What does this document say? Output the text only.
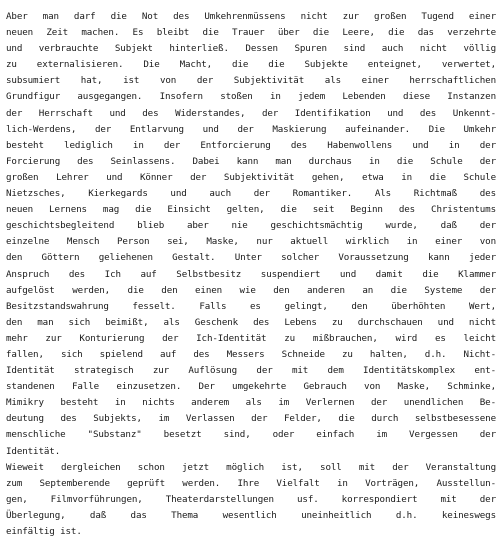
Aber man darf die Not des Umkehrenmüssens nicht zur großen Tugend einer
neuen Zeit machen. Es bleibt die Trauer über die Leere, die das verzehrte
und verbrauchte Subjekt hinterließ. Dessen Spuren sind auch nicht völlig
zu externalisieren. Die Macht, die die Subjekte enteignet, verwertet,
subsumiert hat, ist von der Subjektivität als einer herrschaftlichen
Grundfigur ausgegangen. Insofern stoßen in jedem Lebenden diese Instanzen
der Herrschaft und des Widerstandes, der Identifikation und des Unkennt-
lich-Werdens, der Entlarvung und der Maskierung aufeinander. Die Umkehr
besteht lediglich in der Entforcierung des Habenwollens und in der
Forcierung des Seinlassens. Dabei kann man durchaus in die Schule der
großen Lehrer und Könner der Subjektivität gehen, etwa in die Schule
Nietzsches, Kierkegards und auch der Romantiker. Als Richtmaß des
neuen Lernens mag die Einsicht gelten, die seit Beginn des Christentums
geschichtsbegleitend blieb aber nie geschichtsmächtig wurde, daß der
einzelne Mensch Person sei, Maske, nur aktuell wirklich in einer von
den Göttern geliehenen Gestalt. Unter solcher Voraussetzung kann jeder
Anspruch des Ich auf Selbstbesitz suspendiert und damit die Klammer
aufgelöst werden, die den einen wie den anderen an die Systeme der
Besitzstandswahrung fesselt. Falls es gelingt, den überhöhten Wert,
den man sich beimißt, als Geschenk des Lebens zu durchschauen und nicht
mehr zur Konturierung der Ich-Identität zu mißbrauchen, wird es leicht
fallen, sich spielend auf des Messers Schneide zu halten, d.h. Nicht-
Identität strategisch zur Auflösung der mit dem Identitätskomplex ent-
standenen Falle einzusetzen. Der umgekehrte Gebrauch von Maske, Schminke,
Mimikry besteht in nichts anderem als im Verlernen der unendlichen Be-
deutung des Subjekts, im Verlassen der Felder, die durch selbstbesessene
menschliche "Substanz" besetzt sind, oder einfach im Vergessen der
Identität.
Wieweit dergleichen schon jetzt möglich ist, soll mit der Veranstaltung
zum Septemberende geprüft werden. Ihre Vielfalt in Vorträgen, Ausstellun-
gen, Filmvorführungen, Theaterdarstellungen usf. korrespondiert mit der
Überlegung, daß das Thema wesentlich uneinheitlich d.h. keineswegs
einfältig ist.
